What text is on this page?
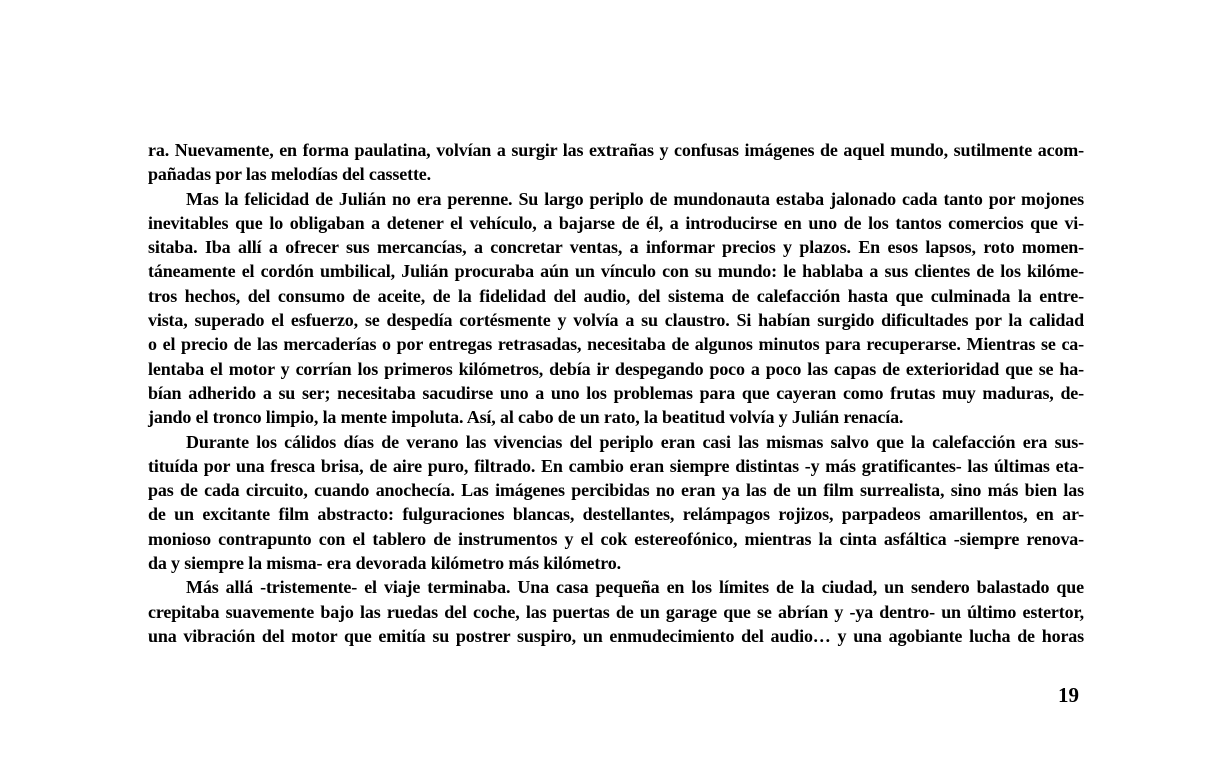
ra. Nuevamente, en forma paulatina, volvían a surgir las extrañas y confusas imágenes de aquel mundo, sutilmente acom-
pañadas por las melodías del cassette.
Mas la felicidad de Julián no era perenne. Su largo periplo de mundonauta estaba jalonado cada tanto por mojones
inevitables que lo obligaban a detener el vehículo, a bajarse de él, a introducirse en uno de los tantos comercios que vi-
sitaba. Iba allí a ofrecer sus mercancías, a concretar ventas, a informar precios y plazos. En esos lapsos, roto momen-
táneamente el cordón umbilical, Julián procuraba aún un vínculo con su mundo: le hablaba a sus clientes de los kilóme-
tros hechos, del consumo de aceite, de la fidelidad del audio, del sistema de calefacción hasta que culminada la entre-
vista, superado el esfuerzo, se despedía cortésmente y volvía a su claustro. Si habían surgido dificultades por la calidad
o el precio de las mercaderías o por entregas retrasadas, necesitaba de algunos minutos para recuperarse. Mientras se ca-
lentaba el motor y corrían los primeros kilómetros, debía ir despegando poco a poco las capas de exterioridad que se ha-
bían adherido a su ser; necesitaba sacudirse uno a uno los problemas para que cayeran como frutas muy maduras, de-
jando el tronco limpio, la mente impoluta. Así, al cabo de un rato, la beatitud volvía y Julián renacía.
Durante los cálidos días de verano las vivencias del periplo eran casi las mismas salvo que la calefacción era sus-
tituída por una fresca brisa, de aire puro, filtrado. En cambio eran siempre distintas -y más gratificantes- las últimas eta-
pas de cada circuito, cuando anochecía. Las imágenes percibidas no eran ya las de un film surrealista, sino más bien las
de un excitante film abstracto: fulguraciones blancas, destellantes, relámpagos rojizos, parpadeos amarillentos, en ar-
monioso contrapunto con el tablero de instrumentos y el cok estereofónico, mientras la cinta asfáltica -siempre renova-
da y siempre la misma- era devorada kilómetro más kilómetro.
Más allá -tristemente- el viaje terminaba. Una casa pequeña en los límites de la ciudad, un sendero balastado que
crepitaba suavemente bajo las ruedas del coche, las puertas de un garage que se abrían y -ya dentro- un último estertor,
una vibración del motor que emitía su postrer suspiro, un enmudecimiento del audio… y una agobiante lucha de horas
19
